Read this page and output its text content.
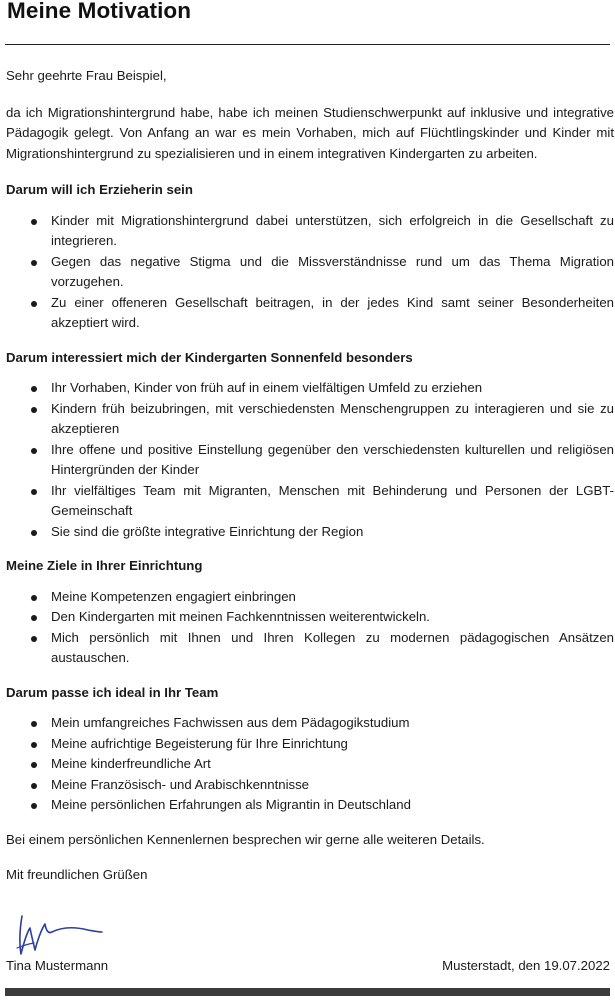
Meine Motivation

Sehr geehrte Frau Beispiel,

da ich Migrationshintergrund habe, habe ich meinen Studienschwerpunkt auf inklusive und integrative Pädagogik gelegt. Von Anfang an war es mein Vorhaben, mich auf Flüchtlingskinder und Kinder mit Migrationshintergrund zu spezialisieren und in einem integrativen Kindergarten zu arbeiten.

Darum will ich Erzieherin sein
Kinder mit Migrationshintergrund dabei unterstützen, sich erfolgreich in die Gesellschaft zu integrieren.
Gegen das negative Stigma und die Missverständnisse rund um das Thema Migration vorzugehen.
Zu einer offeneren Gesellschaft beitragen, in der jedes Kind samt seiner Besonderheiten akzeptiert wird.
Darum interessiert mich der Kindergarten Sonnenfeld besonders
Ihr Vorhaben, Kinder von früh auf in einem vielfältigen Umfeld zu erziehen
Kindern früh beizubringen, mit verschiedensten Menschengruppen zu interagieren und sie zu akzeptieren
Ihre offene und positive Einstellung gegenüber den verschiedensten kulturellen und religiösen Hintergründen der Kinder
Ihr vielfältiges Team mit Migranten, Menschen mit Behinderung und Personen der LGBT-Gemeinschaft
Sie sind die größte integrative Einrichtung der Region
Meine Ziele in Ihrer Einrichtung
Meine Kompetenzen engagiert einbringen
Den Kindergarten mit meinen Fachkenntnissen weiterentwickeln.
Mich persönlich mit Ihnen und Ihren Kollegen zu modernen pädagogischen Ansätzen austauschen.
Darum passe ich ideal in Ihr Team
Mein umfangreiches Fachwissen aus dem Pädagogikstudium
Meine aufrichtige Begeisterung für Ihre Einrichtung
Meine kinderfreundliche Art
Meine Französisch- und Arabischkenntnisse
Meine persönlichen Erfahrungen als Migrantin in Deutschland

Bei einem persönlichen Kennenlernen besprechen wir gerne alle weiteren Details.

Mit freundlichen Grüßen

Tina Mustermann	Musterstadt, den 19.07.2022
